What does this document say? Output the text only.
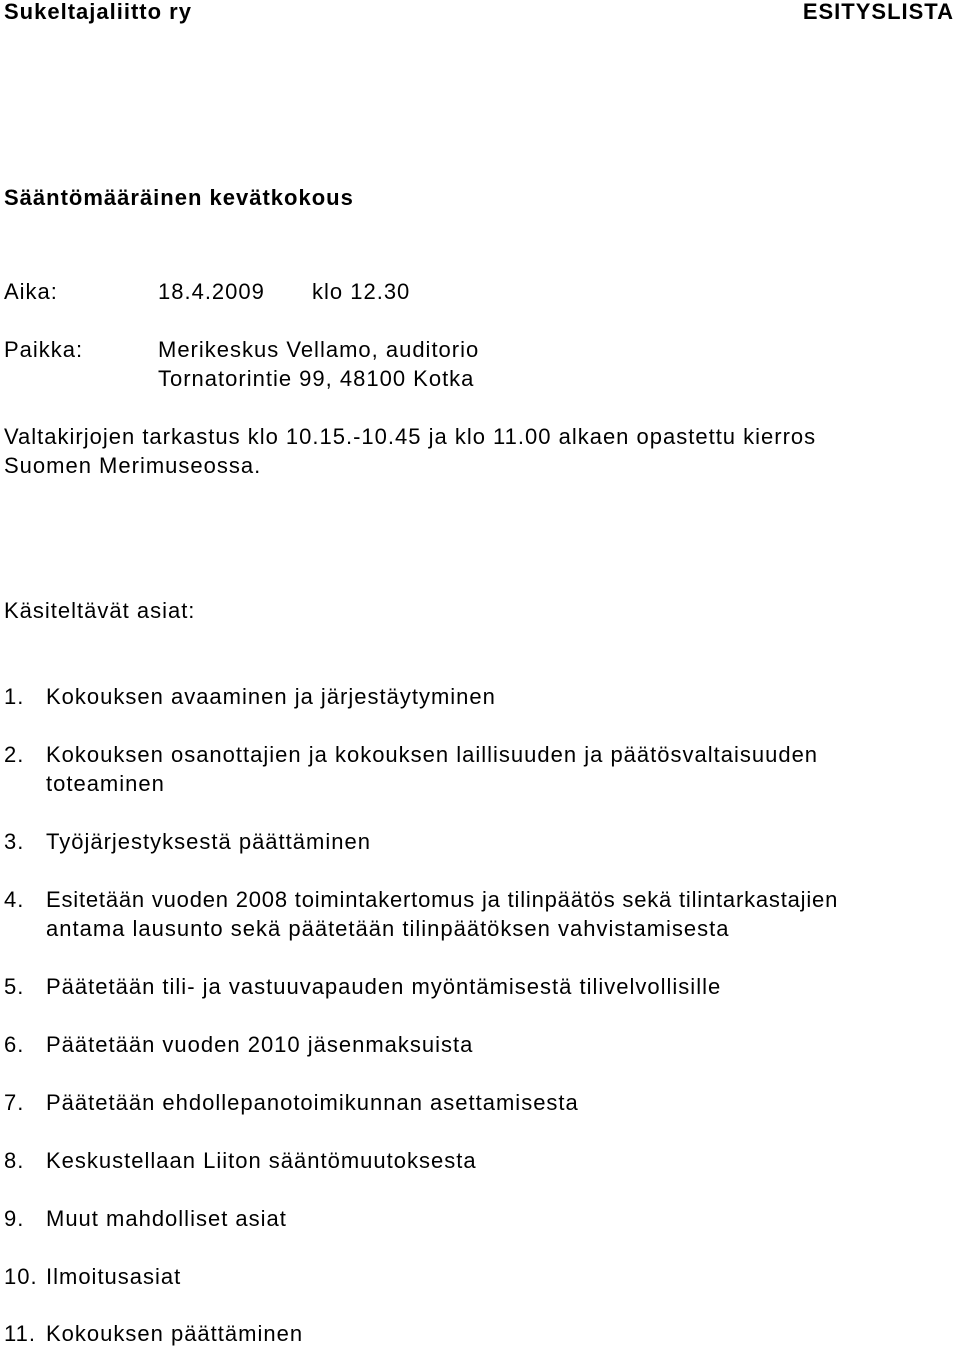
Sukeltajaliitto ry	ESITYSLISTA
Sääntömääräinen kevätkokous
Aika:	18.4.2009 klo 12.30
Paikka:	Merikeskus Vellamo, auditorio
Tornatorintie 99, 48100 Kotka
Valtakirjojen tarkastus klo 10.15.-10.45 ja klo 11.00 alkaen opastettu kierros
Suomen Merimuseossa.
Käsiteltävät asiat:
1. Kokouksen avaaminen ja järjestäytyminen
2. Kokouksen osanottajien ja kokouksen laillisuuden ja päätösvaltaisuuden
toteaminen
3. Työjärjestyksestä päättäminen
4. Esitetään vuoden 2008 toimintakertomus ja tilinpäätös sekä tilintarkastajien
antama lausunto sekä päätetään tilinpäätöksen vahvistamisesta
5. Päätetään tili- ja vastuuvapauden myöntämisestä tilivelvollisille
6. Päätetään vuoden 2010 jäsenmaksuista
7. Päätetään ehdollepanotoimikunnan asettamisesta
8. Keskustellaan Liiton sääntömuutoksesta
9. Muut mahdolliset asiat
10. Ilmoitusasiat
11. Kokouksen päättäminen
